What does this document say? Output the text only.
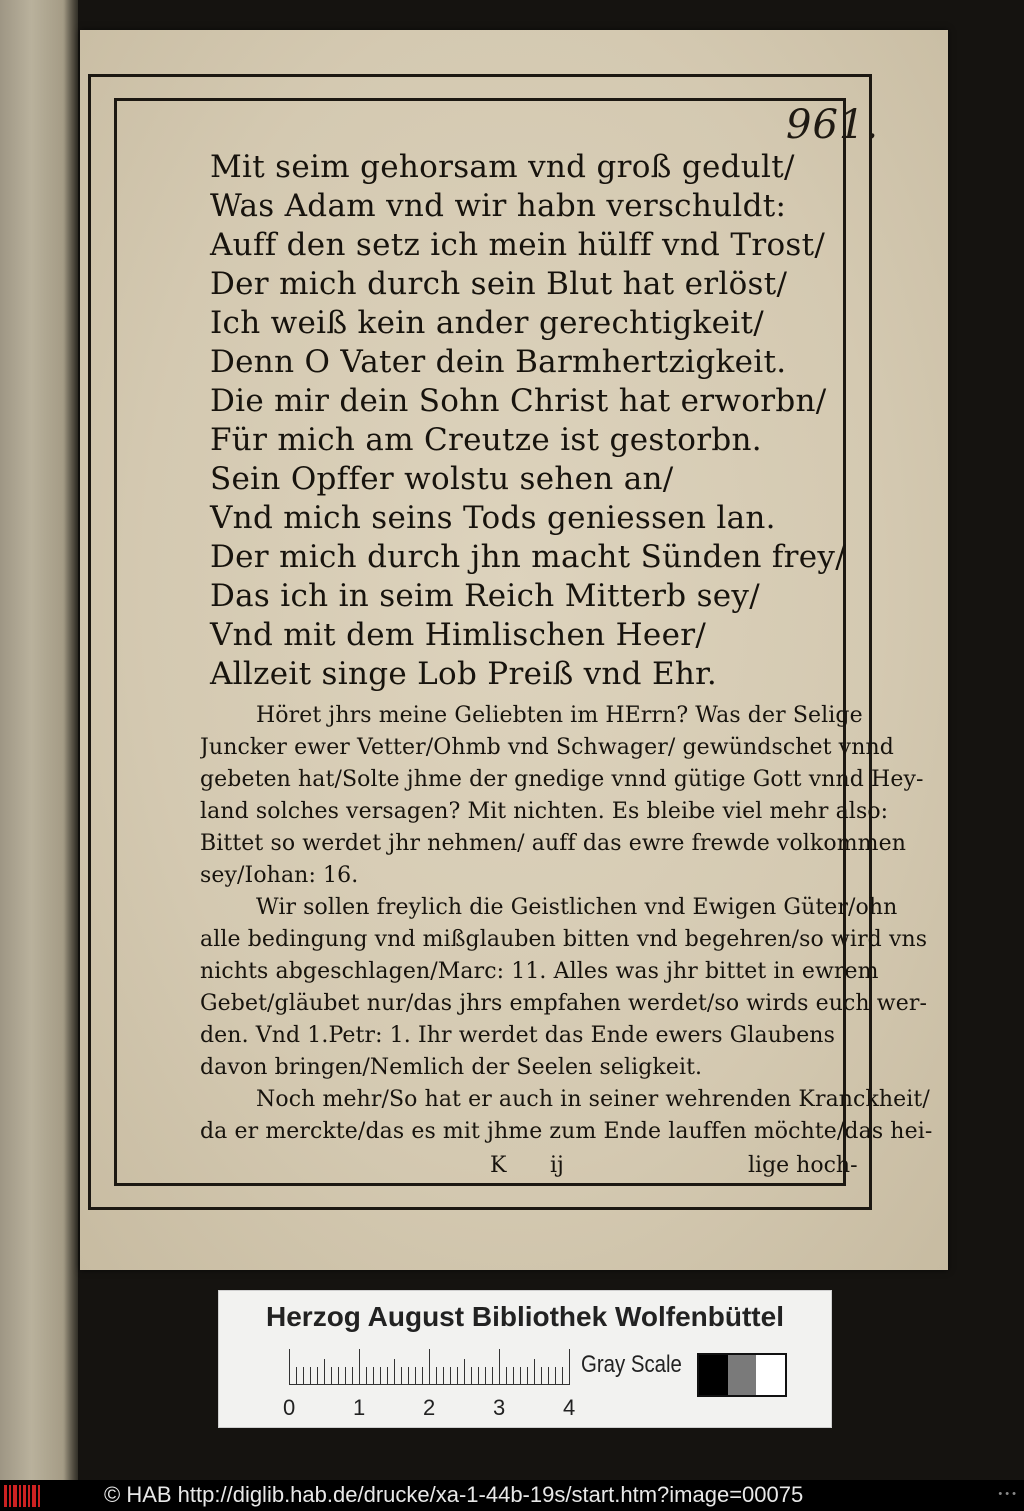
961.
Mit seim gehorsam vnd groß gedult/
Was Adam vnd wir habn verschuldt:
Auff den setz ich mein hülff vnd Trost/
Der mich durch sein Blut hat erlöst/
Ich weiß kein ander gerechtigkeit/
Denn O Vater dein Barmhertzigkeit.
Die mir dein Sohn Christ hat erworbn/
Für mich am Creutze ist gestorbn.
Sein Opffer wolstu sehen an/
Vnd mich seins Tods geniessen lan.
Der mich durch jhn macht Sünden frey/
Das ich in seim Reich Mitterb sey/
Vnd mit dem Himlischen Heer/
Allzeit singe Lob Preiß vnd Ehr.

Höret jhrs meine Geliebten im HErrn? Was der Selige
Juncker ewer Vetter/Ohmb vnd Schwager/ gewündschet vnnd
gebeten hat/Solte jhme der gnedige vnnd gütige Gott vnnd Hey-
land solches versagen? Mit nichten. Es bleibe viel mehr also:
Bittet so werdet jhr nehmen/ auff das ewre frewde volkommen
sey/Iohan: 16.

Wir sollen freylich die Geistlichen vnd Ewigen Güter/ohn
alle bedingung vnd mißglauben bitten vnd begehren/so wird vns
nichts abgeschlagen/Marc: 11. Alles was jhr bittet in ewrem
Gebet/gläubet nur/das jhrs empfahen werdet/so wirds euch wer-
den. Vnd 1.Petr: 1. Ihr werdet das Ende ewers Glaubens
davon bringen/Nemlich der Seelen seligkeit.

Noch mehr/So hat er auch in seiner wehrenden Kranckheit/
da er merckte/das es mit jhme zum Ende lauffen möchte/das hei-

K ij	lige hoch-
Herzog August Bibliothek Wolfenbüttel
0	1	2	3	4
Gray Scale
© HAB http://diglib.hab.de/drucke/xa-1-44b-19s/start.htm?image=00075	• • •
